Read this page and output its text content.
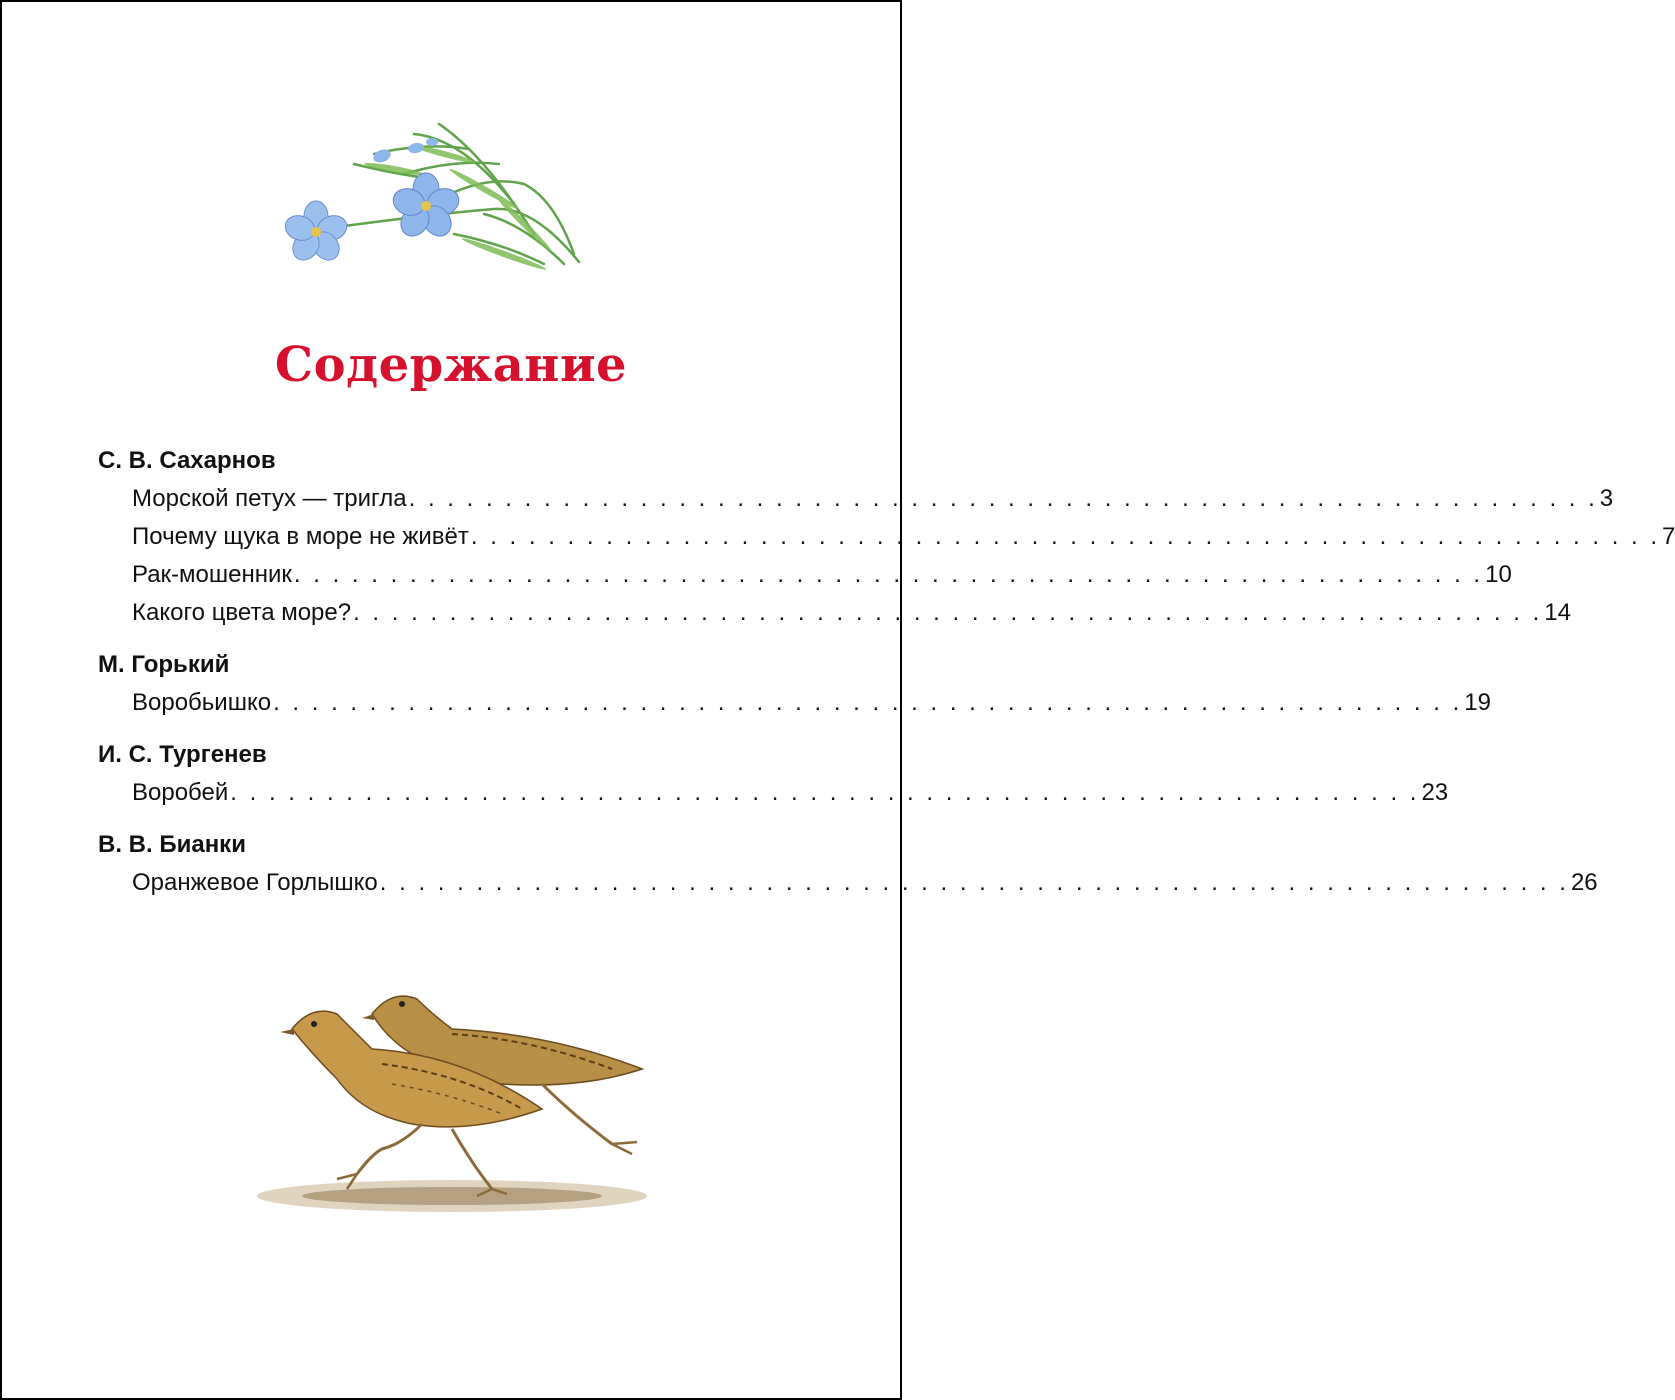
Содержание
С. В. Сахарнов
Морской петух — тригла . . . . . . . . . . . . . . . . . . . . . . . . . . . . . . . . . . . . . . . . . . . . . . . . . . . . . . . . . . . . . . 3
Почему щука в море не живёт . . . . . . . . . . . . . . . . . . . . . . . . . . . . . . . . . . . . . . . . . . . . . . . . . . . . . . . . . . . . . . 7
Рак-мошенник . . . . . . . . . . . . . . . . . . . . . . . . . . . . . . . . . . . . . . . . . . . . . . . . . . . . . . . . . . . . . . 10
Какого цвета море? . . . . . . . . . . . . . . . . . . . . . . . . . . . . . . . . . . . . . . . . . . . . . . . . . . . . . . . . . . . . . . 14
М. Горький
Воробьишко . . . . . . . . . . . . . . . . . . . . . . . . . . . . . . . . . . . . . . . . . . . . . . . . . . . . . . . . . . . . . . 19
И. С. Тургенев
Воробей . . . . . . . . . . . . . . . . . . . . . . . . . . . . . . . . . . . . . . . . . . . . . . . . . . . . . . . . . . . . . . 23
В. В. Бианки
Оранжевое Горлышко . . . . . . . . . . . . . . . . . . . . . . . . . . . . . . . . . . . . . . . . . . . . . . . . . . . . . . . . . . . . . . 26
